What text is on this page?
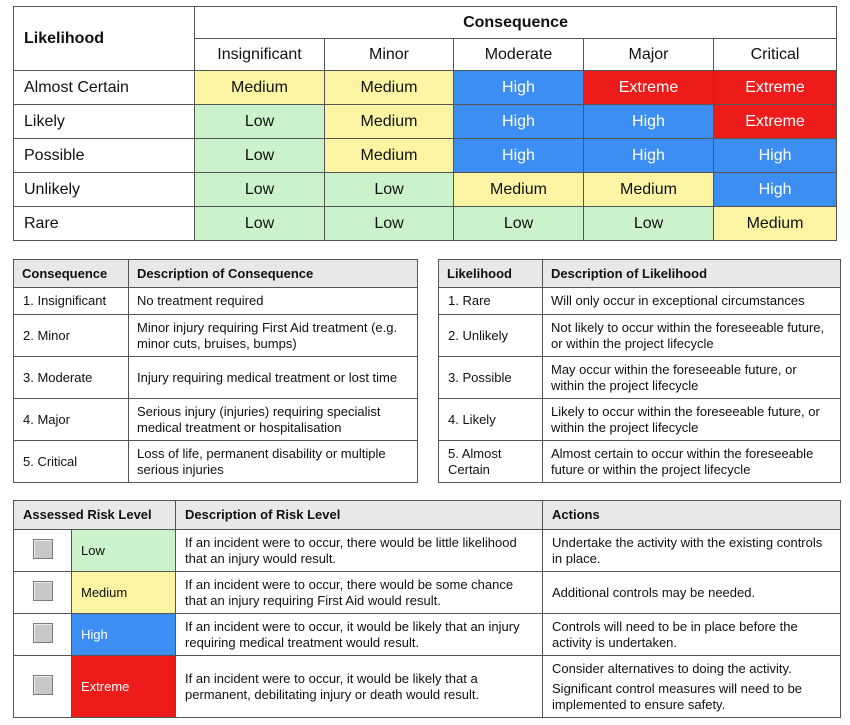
Likelihood	Consequence				
	Insignificant	Minor	Moderate	Major	Critical
Almost Certain	Medium	Medium	High	Extreme	Extreme
Likely	Low	Medium	High	High	Extreme
Possible	Low	Medium	High	High	High
Unlikely	Low	Low	Medium	Medium	High
Rare	Low	Low	Low	Low	Medium
Consequence	Description of Consequence
1. Insignificant	No treatment required
2. Minor	Minor injury requiring First Aid treatment (e.g. minor cuts, bruises, bumps)
3. Moderate	Injury requiring medical treatment or lost time
4. Major	Serious injury (injuries) requiring specialist medical treatment or hospitalisation
5. Critical	Loss of life, permanent disability or multiple serious injuries
Likelihood	Description of Likelihood
1. Rare	Will only occur in exceptional circumstances
2. Unlikely	Not likely to occur within the foreseeable future, or within the project lifecycle
3. Possible	May occur within the foreseeable future, or within the project lifecycle
4. Likely	Likely to occur within the foreseeable future, or within the project lifecycle
5. Almost Certain	Almost certain to occur within the foreseeable future or within the project lifecycle
Assessed Risk Level		Description of Risk Level	Actions
	Low	If an incident were to occur, there would be little likelihood that an injury would result.	Undertake the activity with the existing controls in place.

	Medium	If an incident were to occur, there would be some chance that an injury requiring First Aid would result.	Additional controls may be needed.

	High	If an incident were to occur, it would be likely that an injury requiring medical treatment would result.	Controls will need to be in place before the activity is undertaken.

	Extreme	If an incident were to occur, it would be likely that a permanent, debilitating injury or death would result.	Consider alternatives to doing the activity.

Significant control measures will need to be implemented to ensure safety.
